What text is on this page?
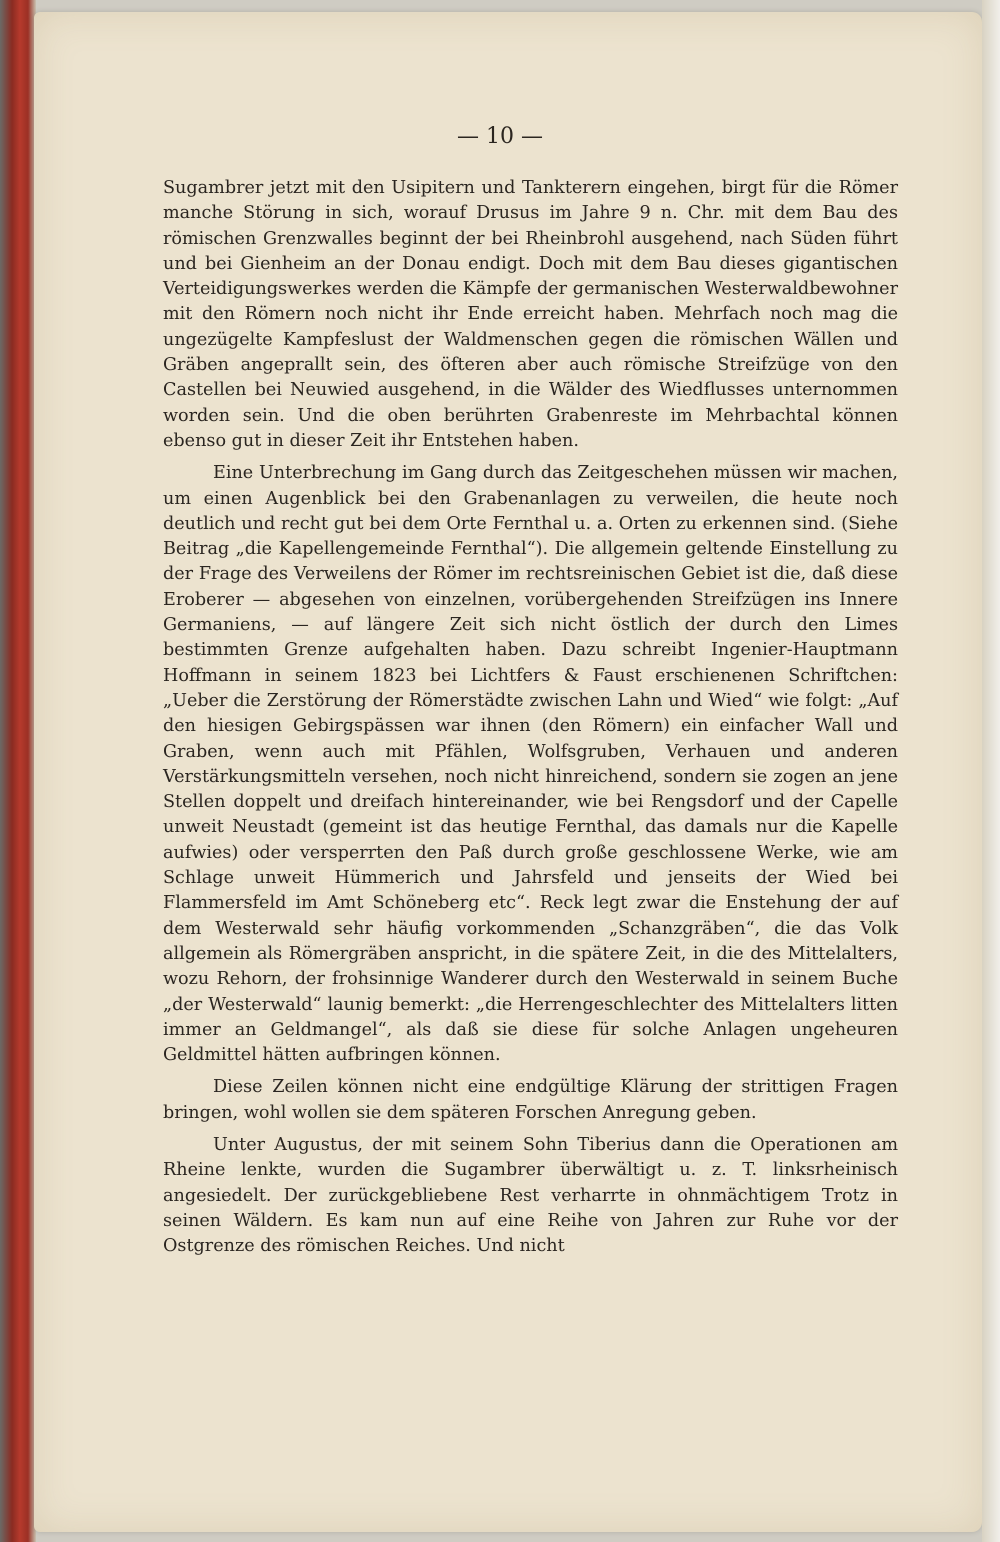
— 10 —

Sugambrer jetzt mit den Usipitern und Tankterern eingehen, birgt für die Römer manche Störung in sich, worauf Drusus im Jahre 9 n. Chr. mit dem Bau des römischen Grenzwalles beginnt der bei Rheinbrohl ausgehend, nach Süden führt und bei Gienheim an der Donau endigt. Doch mit dem Bau dieses gigantischen Verteidigungswerkes werden die Kämpfe der germanischen Westerwaldbewohner mit den Römern noch nicht ihr Ende erreicht haben. Mehrfach noch mag die ungezügelte Kampfeslust der Waldmenschen gegen die römischen Wällen und Gräben angeprallt sein, des öfteren aber auch römische Streifzüge von den Castellen bei Neuwied ausgehend, in die Wälder des Wiedflusses unternommen worden sein. Und die oben berührten Grabenreste im Mehrbachtal können ebenso gut in dieser Zeit ihr Entstehen haben.

Eine Unterbrechung im Gang durch das Zeitgeschehen müssen wir machen, um einen Augenblick bei den Grabenanlagen zu verweilen, die heute noch deutlich und recht gut bei dem Orte Fernthal u. a. Orten zu erkennen sind. (Siehe Beitrag „die Kapellengemeinde Fernthal“). Die allgemein geltende Einstellung zu der Frage des Verweilens der Römer im rechtsreinischen Gebiet ist die, daß diese Eroberer — abgesehen von einzelnen, vorübergehenden Streifzügen ins Innere Germaniens, — auf längere Zeit sich nicht östlich der durch den Limes bestimmten Grenze aufgehalten haben. Dazu schreibt Ingenier-Hauptmann Hoffmann in seinem 1823 bei Lichtfers & Faust erschienenen Schriftchen: „Ueber die Zerstörung der Römerstädte zwischen Lahn und Wied“ wie folgt: „Auf den hiesigen Gebirgspässen war ihnen (den Römern) ein einfacher Wall und Graben, wenn auch mit Pfählen, Wolfsgruben, Verhauen und anderen Verstärkungsmitteln versehen, noch nicht hinreichend, sondern sie zogen an jene Stellen doppelt und dreifach hintereinander, wie bei Rengsdorf und der Capelle unweit Neustadt (gemeint ist das heutige Fernthal, das damals nur die Kapelle aufwies) oder versperrten den Paß durch große geschlossene Werke, wie am Schlage unweit Hümmerich und Jahrsfeld und jenseits der Wied bei Flammersfeld im Amt Schöneberg etc“. Reck legt zwar die Enstehung der auf dem Westerwald sehr häufig vorkommenden „Schanzgräben“, die das Volk allgemein als Römergräben anspricht, in die spätere Zeit, in die des Mittelalters, wozu Rehorn, der frohsinnige Wanderer durch den Westerwald in seinem Buche „der Westerwald“ launig bemerkt: „die Herrengeschlechter des Mittelalters litten immer an Geldmangel“, als daß sie diese für solche Anlagen ungeheuren Geldmittel hätten aufbringen können.

Diese Zeilen können nicht eine endgültige Klärung der strittigen Fragen bringen, wohl wollen sie dem späteren Forschen Anregung geben.

Unter Augustus, der mit seinem Sohn Tiberius dann die Operationen am Rheine lenkte, wurden die Sugambrer überwältigt u. z. T. linksrheinisch angesiedelt. Der zurückgebliebene Rest verharrte in ohnmächtigem Trotz in seinen Wäldern. Es kam nun auf eine Reihe von Jahren zur Ruhe vor der Ostgrenze des römischen Reiches. Und nicht
